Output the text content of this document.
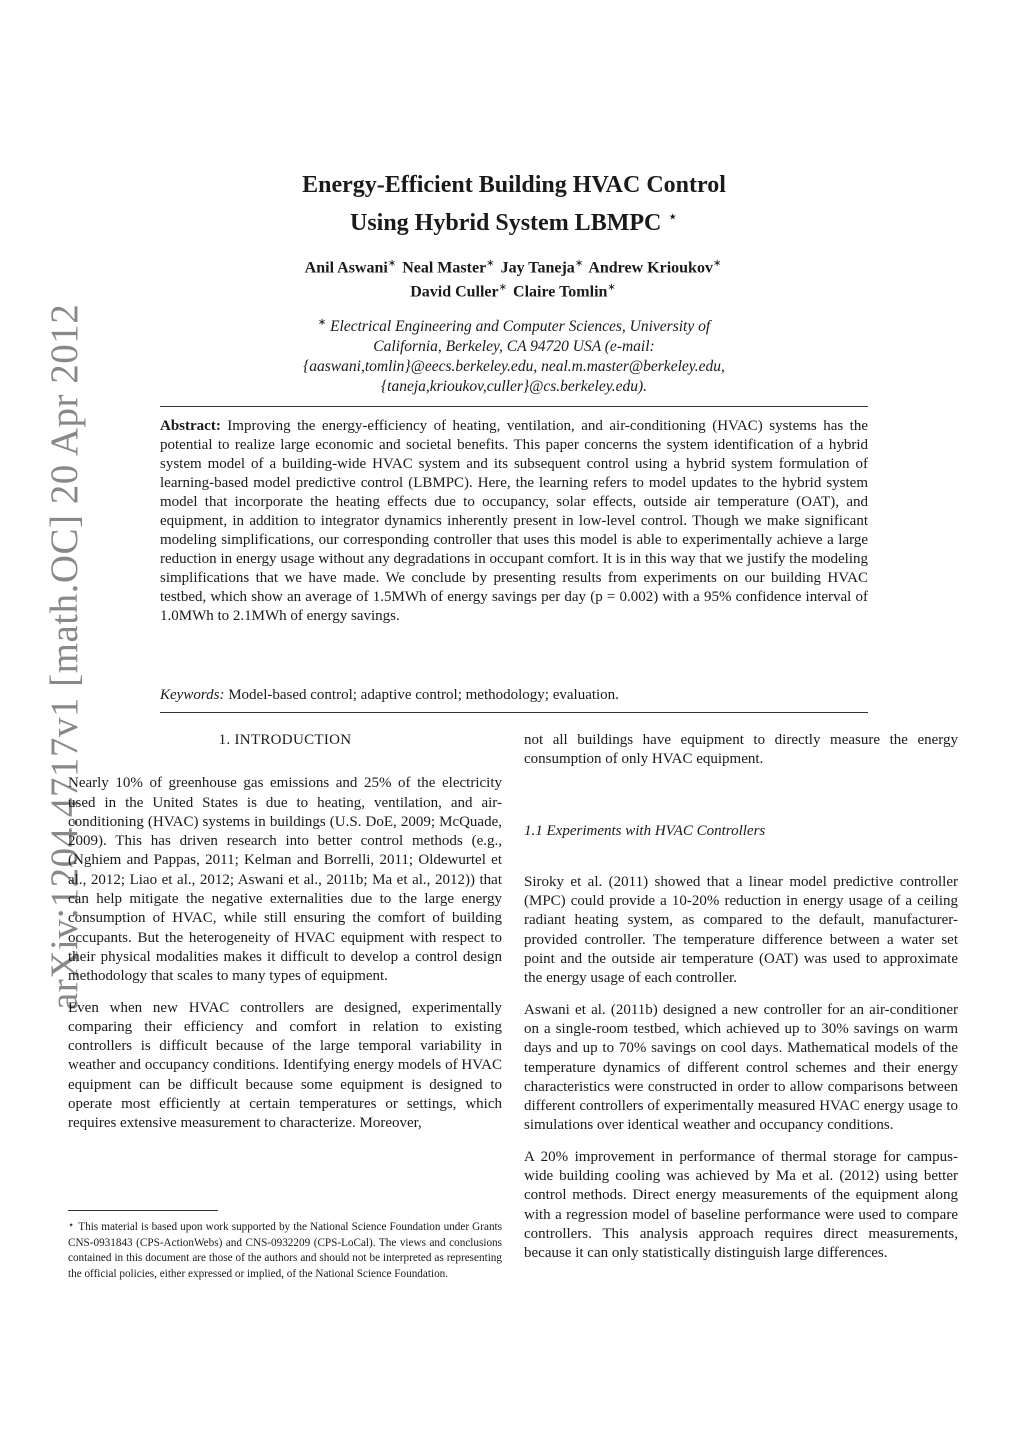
arXiv:1204.4717v1 [math.OC] 20 Apr 2012
Energy-Efficient Building HVAC Control
Using Hybrid System LBMPC ⋆
Anil Aswani∗ Neal Master∗ Jay Taneja∗ Andrew Krioukov∗
David Culler∗ Claire Tomlin∗

∗ Electrical Engineering and Computer Sciences, University of

California, Berkeley, CA 94720 USA (e-mail:

{aaswani,tomlin}@eecs.berkeley.edu, neal.m.master@berkeley.edu,

{taneja,krioukov,culler}@cs.berkeley.edu).

Abstract: Improving the energy-efficiency of heating, ventilation, and air-conditioning (HVAC) systems has the potential to realize large economic and societal benefits. This paper concerns the system identification of a hybrid system model of a building-wide HVAC system and its subsequent control using a hybrid system formulation of learning-based model predictive control (LBMPC). Here, the learning refers to model updates to the hybrid system model that incorporate the heating effects due to occupancy, solar effects, outside air temperature (OAT), and equipment, in addition to integrator dynamics inherently present in low-level control. Though we make significant modeling simplifications, our corresponding controller that uses this model is able to experimentally achieve a large reduction in energy usage without any degradations in occupant comfort. It is in this way that we justify the modeling simplifications that we have made. We conclude by presenting results from experiments on our building HVAC testbed, which show an average of 1.5MWh of energy savings per day (p = 0.002) with a 95% confidence interval of 1.0MWh to 2.1MWh of energy savings.
Keywords: Model-based control; adaptive control; methodology; evaluation.
1. INTRODUCTION

Nearly 10% of greenhouse gas emissions and 25% of the electricity used in the United States is due to heating, ventilation, and air-conditioning (HVAC) systems in buildings (U.S. DoE, 2009; McQuade, 2009). This has driven research into better control methods (e.g., (Nghiem and Pappas, 2011; Kelman and Borrelli, 2011; Oldewurtel et al., 2012; Liao et al., 2012; Aswani et al., 2011b; Ma et al., 2012)) that can help mitigate the negative externalities due to the large energy consumption of HVAC, while still ensuring the comfort of building occupants. But the heterogeneity of HVAC equipment with respect to their physical modalities makes it difficult to develop a control design methodology that scales to many types of equipment.

Even when new HVAC controllers are designed, experimentally comparing their efficiency and comfort in relation to existing controllers is difficult because of the large temporal variability in weather and occupancy conditions. Identifying energy models of HVAC equipment can be difficult because some equipment is designed to operate most efficiently at certain temperatures or settings, which requires extensive measurement to characterize. Moreover,

⋆ This material is based upon work supported by the National Science Foundation under Grants CNS-0931843 (CPS-ActionWebs) and CNS-0932209 (CPS-LoCal). The views and conclusions contained in this document are those of the authors and should not be interpreted as representing the official policies, either expressed or implied, of the National Science Foundation.

not all buildings have equipment to directly measure the energy consumption of only HVAC equipment.

1.1 Experiments with HVAC Controllers

Siroky et al. (2011) showed that a linear model predictive controller (MPC) could provide a 10-20% reduction in energy usage of a ceiling radiant heating system, as compared to the default, manufacturer-provided controller. The temperature difference between a water set point and the outside air temperature (OAT) was used to approximate the energy usage of each controller.

Aswani et al. (2011b) designed a new controller for an air-conditioner on a single-room testbed, which achieved up to 30% savings on warm days and up to 70% savings on cool days. Mathematical models of the temperature dynamics of different control schemes and their energy characteristics were constructed in order to allow comparisons between different controllers of experimentally measured HVAC energy usage to simulations over identical weather and occupancy conditions.

A 20% improvement in performance of thermal storage for campus-wide building cooling was achieved by Ma et al. (2012) using better control methods. Direct energy measurements of the equipment along with a regression model of baseline performance were used to compare controllers. This analysis approach requires direct measurements, because it can only statistically distinguish large differences.
